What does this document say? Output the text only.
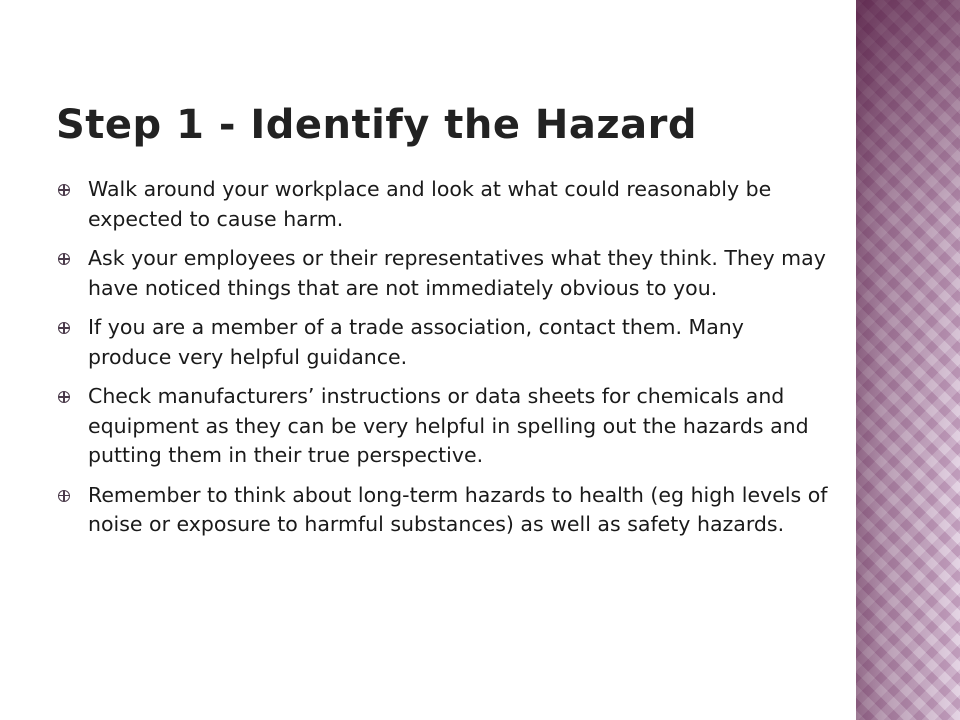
Step 1 - Identify the Hazard
Walk around your workplace and look at what could reasonably be expected to cause harm.
Ask your employees or their representatives what they think. They may have noticed things that are not immediately obvious to you.
If you are a member of a trade association, contact them. Many produce very helpful guidance.
Check manufacturers’ instructions or data sheets for chemicals and equipment as they can be very helpful in spelling out the hazards and putting them in their true perspective.
Remember to think about long-term hazards to health (eg high levels of noise or exposure to harmful substances) as well as safety hazards.
